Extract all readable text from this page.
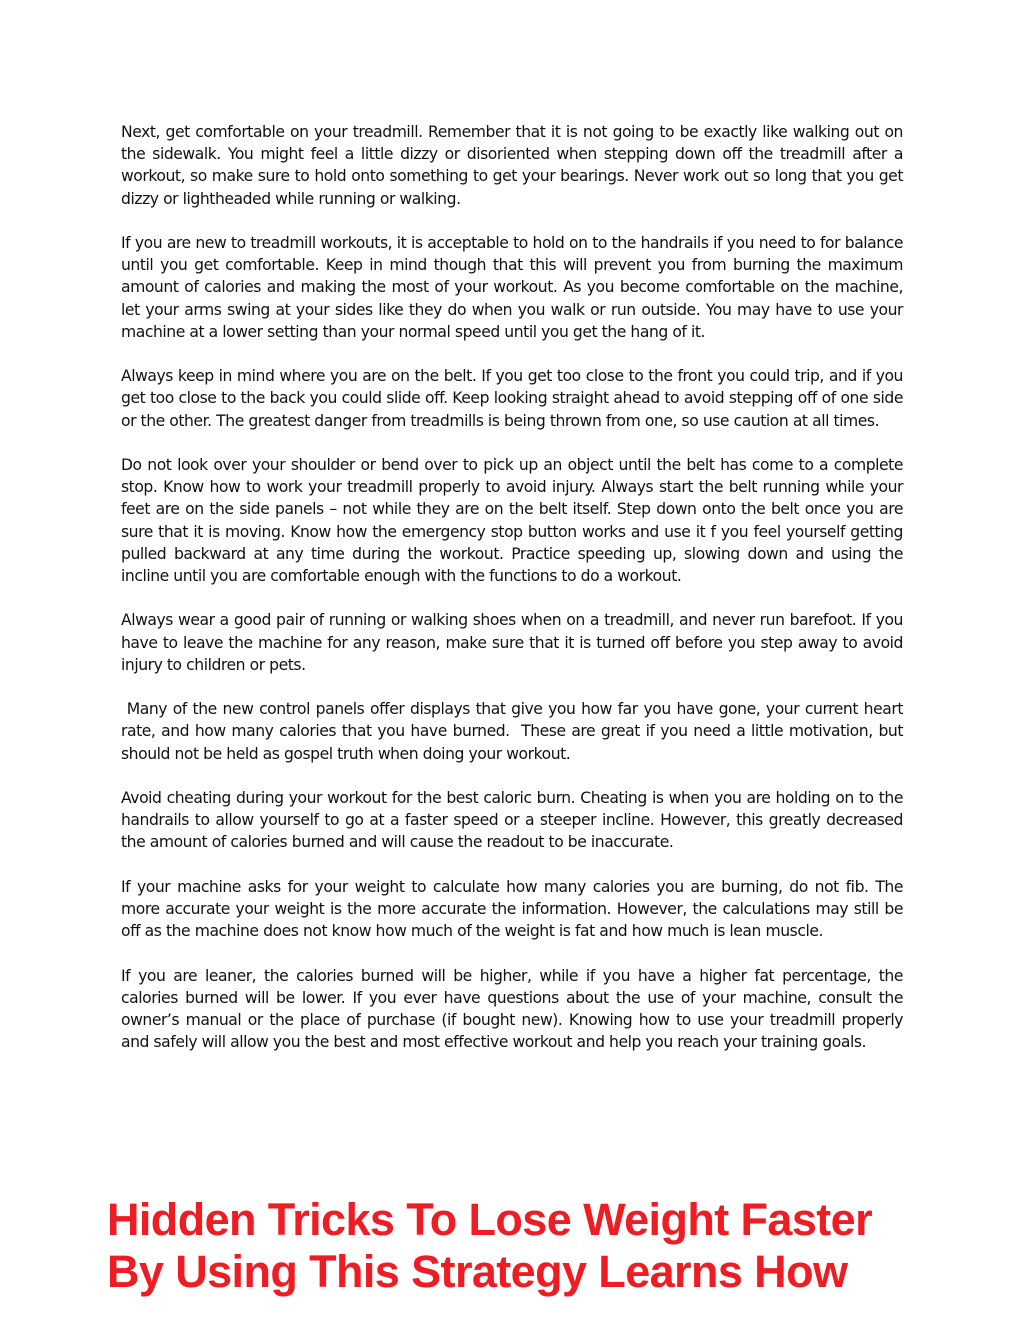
Next, get comfortable on your treadmill. Remember that it is not going to be exactly like walking out on the sidewalk. You might feel a little dizzy or disoriented when stepping down off the treadmill after a workout, so make sure to hold onto something to get your bearings. Never work out so long that you get dizzy or lightheaded while running or walking.

If you are new to treadmill workouts, it is acceptable to hold on to the handrails if you need to for balance until you get comfortable. Keep in mind though that this will prevent you from burning the maximum amount of calories and making the most of your workout. As you become comfortable on the machine, let your arms swing at your sides like they do when you walk or run outside. You may have to use your machine at a lower setting than your normal speed until you get the hang of it.

Always keep in mind where you are on the belt. If you get too close to the front you could trip, and if you get too close to the back you could slide off. Keep looking straight ahead to avoid stepping off of one side or the other. The greatest danger from treadmills is being thrown from one, so use caution at all times.

Do not look over your shoulder or bend over to pick up an object until the belt has come to a complete stop. Know how to work your treadmill properly to avoid injury. Always start the belt running while your feet are on the side panels – not while they are on the belt itself. Step down onto the belt once you are sure that it is moving. Know how the emergency stop button works and use it f you feel yourself getting pulled backward at any time during the workout. Practice speeding up, slowing down and using the incline until you are comfortable enough with the functions to do a workout.

Always wear a good pair of running or walking shoes when on a treadmill, and never run barefoot. If you have to leave the machine for any reason, make sure that it is turned off before you step away to avoid injury to children or pets.

Many of the new control panels offer displays that give you how far you have gone, your current heart rate, and how many calories that you have burned.  These are great if you need a little motivation, but should not be held as gospel truth when doing your workout.

Avoid cheating during your workout for the best caloric burn. Cheating is when you are holding on to the handrails to allow yourself to go at a faster speed or a steeper incline. However, this greatly decreased the amount of calories burned and will cause the readout to be inaccurate.

If your machine asks for your weight to calculate how many calories you are burning, do not fib. The more accurate your weight is the more accurate the information. However, the calculations may still be off as the machine does not know how much of the weight is fat and how much is lean muscle.

If you are leaner, the calories burned will be higher, while if you have a higher fat percentage, the calories burned will be lower. If you ever have questions about the use of your machine, consult the owner’s manual or the place of purchase (if bought new). Knowing how to use your treadmill properly and safely will allow you the best and most effective workout and help you reach your training goals.

Hidden Tricks To Lose Weight Faster
By Using This Strategy Learns How
